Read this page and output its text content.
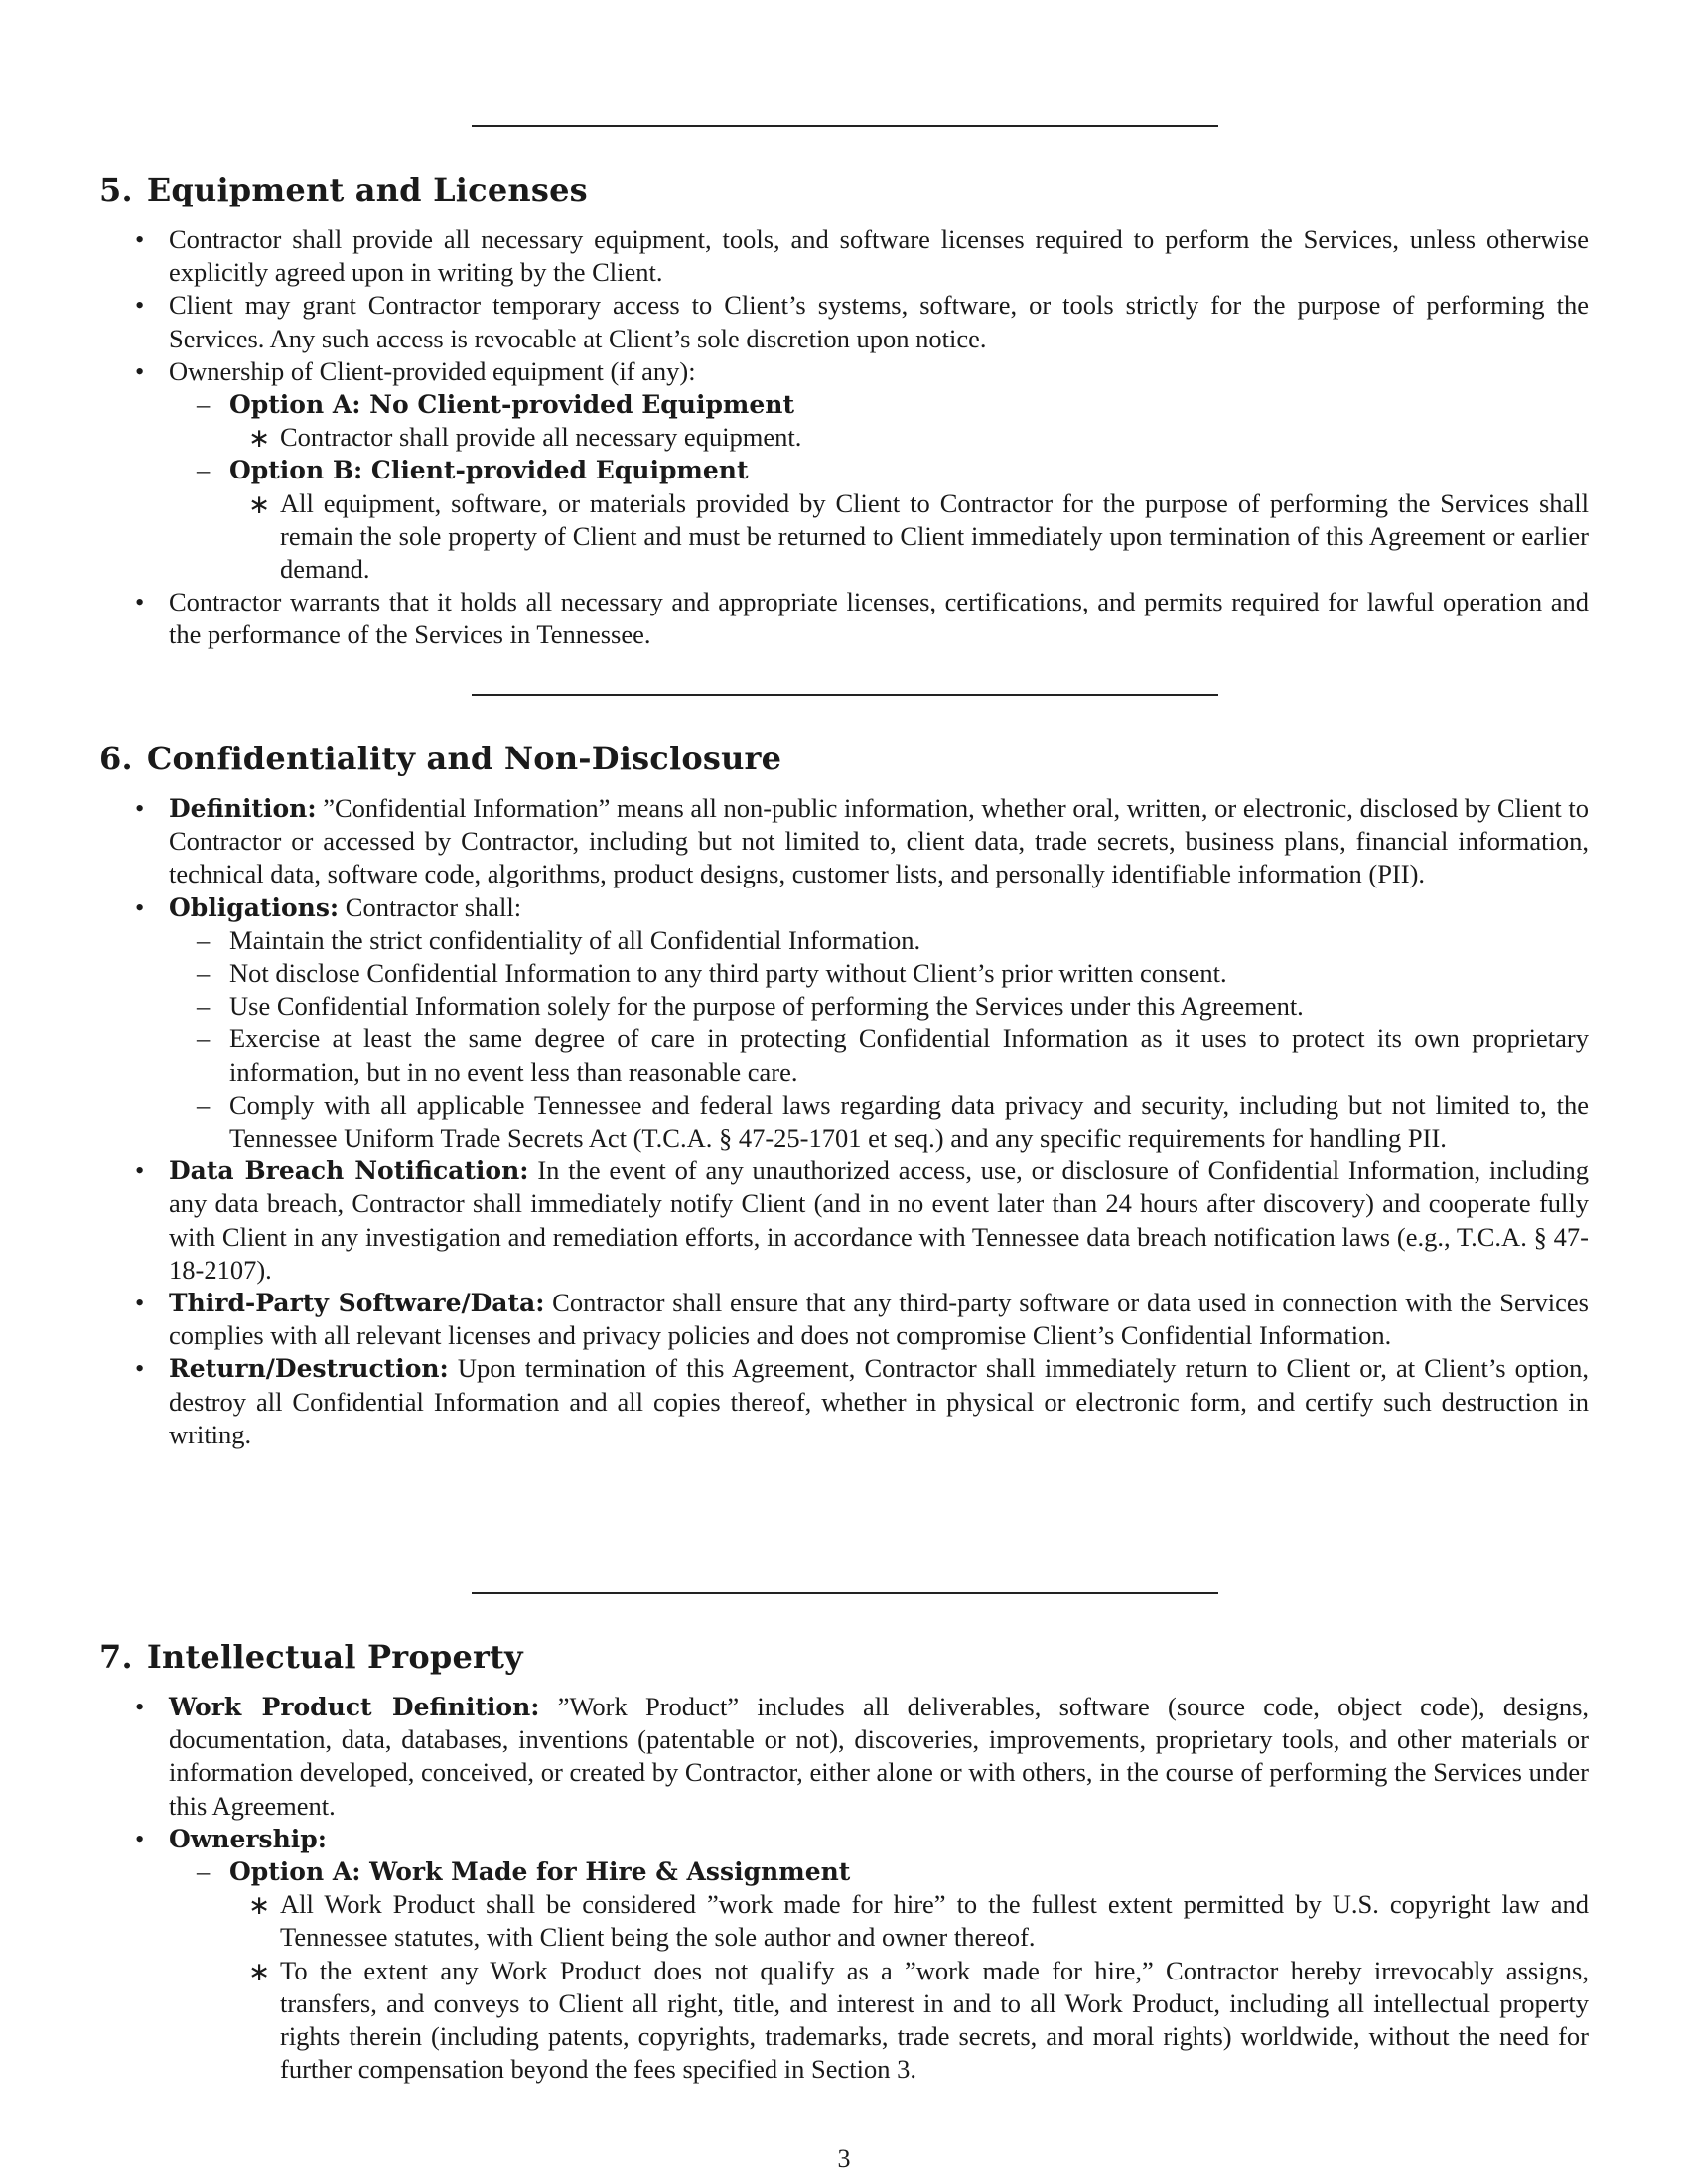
5. Equipment and Licenses
• Contractor shall provide all necessary equipment, tools, and software licenses required to perform the Services, unless otherwise explicitly agreed upon in writing by the Client.
• Client may grant Contractor temporary access to Client’s systems, software, or tools strictly for the purpose of performing the Services. Any such access is revocable at Client’s sole discretion upon notice.
• Ownership of Client-provided equipment (if any):
– Option A: No Client-provided Equipment
∗ Contractor shall provide all necessary equipment.
– Option B: Client-provided Equipment
∗ All equipment, software, or materials provided by Client to Contractor for the purpose of performing the Services shall remain the sole property of Client and must be returned to Client immediately upon termination of this Agreement or earlier demand.
• Contractor warrants that it holds all necessary and appropriate licenses, certifications, and permits required for lawful operation and the performance of the Services in Tennessee.
6. Confidentiality and Non-Disclosure
• Definition: ”Confidential Information” means all non-public information, whether oral, written, or electronic, disclosed by Client to Contractor or accessed by Contractor, including but not limited to, client data, trade secrets, business plans, financial information, technical data, software code, algorithms, product designs, customer lists, and personally identifiable information (PII).
• Obligations: Contractor shall:
– Maintain the strict confidentiality of all Confidential Information.
– Not disclose Confidential Information to any third party without Client’s prior written consent.
– Use Confidential Information solely for the purpose of performing the Services under this Agreement.
– Exercise at least the same degree of care in protecting Confidential Information as it uses to protect its own proprietary information, but in no event less than reasonable care.
– Comply with all applicable Tennessee and federal laws regarding data privacy and security, including but not limited to, the Tennessee Uniform Trade Secrets Act (T.C.A. § 47-25-1701 et seq.) and any specific requirements for handling PII.
• Data Breach Notification: In the event of any unauthorized access, use, or disclosure of Confidential Information, including any data breach, Contractor shall immediately notify Client (and in no event later than 24 hours after discovery) and cooperate fully with Client in any investigation and remediation efforts, in accordance with Tennessee data breach notification laws (e.g., T.C.A. § 47-18-2107).
• Third-Party Software/Data: Contractor shall ensure that any third-party software or data used in connection with the Services complies with all relevant licenses and privacy policies and does not compromise Client’s Confidential Information.
• Return/Destruction: Upon termination of this Agreement, Contractor shall immediately return to Client or, at Client’s option, destroy all Confidential Information and all copies thereof, whether in physical or electronic form, and certify such destruction in writing.
7. Intellectual Property
• Work Product Definition: ”Work Product” includes all deliverables, software (source code, object code), designs, documentation, data, databases, inventions (patentable or not), discoveries, improvements, proprietary tools, and other materials or information developed, conceived, or created by Contractor, either alone or with others, in the course of performing the Services under this Agreement.
• Ownership:
– Option A: Work Made for Hire & Assignment
∗ All Work Product shall be considered ”work made for hire” to the fullest extent permitted by U.S. copyright law and Tennessee statutes, with Client being the sole author and owner thereof.
∗ To the extent any Work Product does not qualify as a ”work made for hire,” Contractor hereby irrevocably assigns, transfers, and conveys to Client all right, title, and interest in and to all Work Product, including all intellectual property rights therein (including patents, copyrights, trademarks, trade secrets, and moral rights) worldwide, without the need for further compensation beyond the fees specified in Section 3.
3
